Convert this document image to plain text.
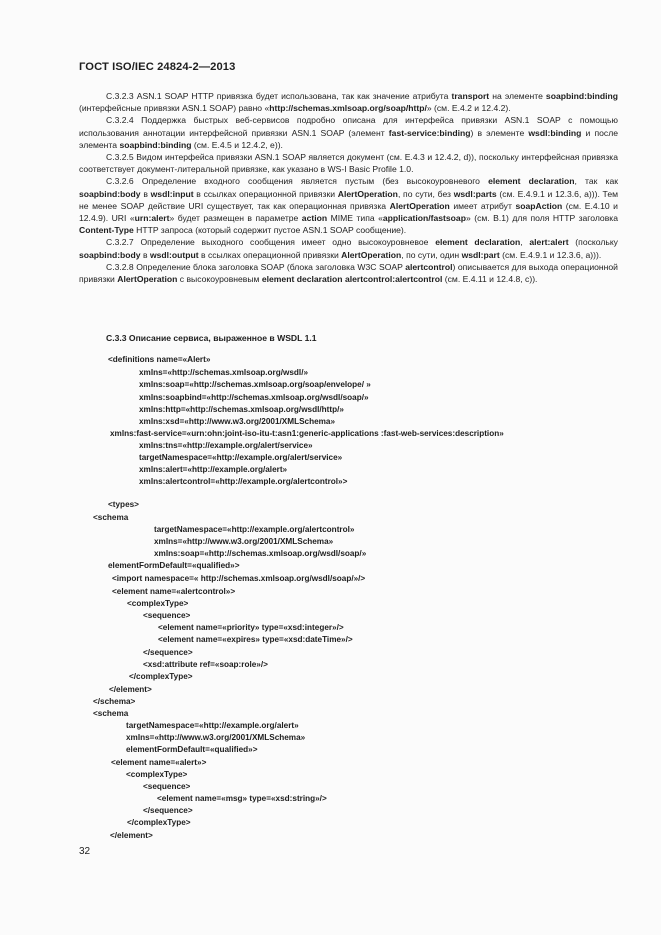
ГОСТ ISO/IEC 24824-2—2013

С.3.2.3 ASN.1 SOAP HTTP привязка будет использована, так как значение атрибута transport на элементе soapbind:binding (интерфейсные привязки ASN.1 SOAP) равно «http://schemas.xmlsoap.org/soap/http/» (см. Е.4.2 и 12.4.2).

С.3.2.4 Поддержка быстрых веб-сервисов подробно описана для интерфейса привязки ASN.1 SOAP с помощью использования аннотации интерфейсной привязки ASN.1 SOAP (элемент fast-service:binding) в элементе wsdl:binding и после элемента soapbind:binding (см. Е.4.5 и 12.4.2, е)).

С.3.2.5 Видом интерфейса привязки ASN.1 SOAP является документ (см. Е.4.3 и 12.4.2, d)), поскольку интерфейсная привязка соответствует документ-литеральной привязке, как указано в WS-I Basic Profile 1.0.

С.3.2.6 Определение входного сообщения является пустым (без высокоуровневого element declaration, так как soapbind:body в wsdl:input в ссылках операционной привязки AlertOperation, по сути, без wsdl:parts (см. Е.4.9.1 и 12.3.6, а))). Тем не менее SOAP действие URI существует, так как операционная привязка AlertOperation имеет атрибут soapAction (см. Е.4.10 и 12.4.9). URI «urn:alert» будет размещен в параметре action MIME типа «application/fastsoap» (см. В.1) для поля HTTP заголовка Content-Type HTTP запроса (который содержит пустое ASN.1 SOAP сообщение).

С.3.2.7 Определение выходного сообщения имеет одно высокоуровневое element declaration, alert:alert (поскольку soapbind:body в wsdl:output в ссылках операционной привязки AlertOperation, по сути, один wsdl:part (см. Е.4.9.1 и 12.3.6, а))).

С.3.2.8 Определение блока заголовка SOAP (блока заголовка W3C SOAP alertcontrol) описывается для выхода операционной привязки AlertOperation с высокоуровневым element declaration alertcontrol:alertcontrol (см. Е.4.11 и 12.4.8, с)).

С.3.3 Описание сервиса, выраженное в WSDL 1.1
<definitions name=«Alert»
xmlns=«http://schemas.xmlsoap.org/wsdl/»
xmlns:soap=«http://schemas.xmlsoap.org/soap/envelope/ »
xmlns:soapbind=«http://schemas.xmlsoap.org/wsdl/soap/»
xmlns:http=«http://schemas.xmlsoap.org/wsdl/http/»
xmlns:xsd=«http://www.w3.org/2001/XMLSchema»
xmlns:fast-service=«urn:ohn:joint-iso-itu-t:asn1:generic-applications :fast-web-services:description»
xmlns:tns=«http://example.org/alert/service»
targetNamespace=«http://example.org/alert/service»
xmlns:alert=«http://example.org/alert»
xmlns:alertcontrol=«http://example.org/alertcontrol»>
<types>
<schema
targetNamespace=«http://example.org/alertcontrol»
xmlns=«http://www.w3.org/2001/XMLSchema»
xmlns:soap=«http://schemas.xmlsoap.org/wsdl/soap/»
elementFormDefault=«qualified»>
<import namespace=« http://schemas.xmlsoap.org/wsdl/soap/»/>
<element name=«alertcontrol»>
<complexType>
<sequence>
<element name=«priority» type=«xsd:integer»/>
<element name=«expires» type=«xsd:dateTime»/>
</sequence>
<xsd:attribute ref=«soap:role»/>
</complexType>
</element>
</schema>
<schema
targetNamespace=«http://example.org/alert»
xmlns=«http://www.w3.org/2001/XMLSchema»
elementFormDefault=«qualified»>
<element name=«alert»>
<complexType>
<sequence>
<element name=«msg» type=«xsd:string»/>
</sequence>
</complexType>
</element>
32
